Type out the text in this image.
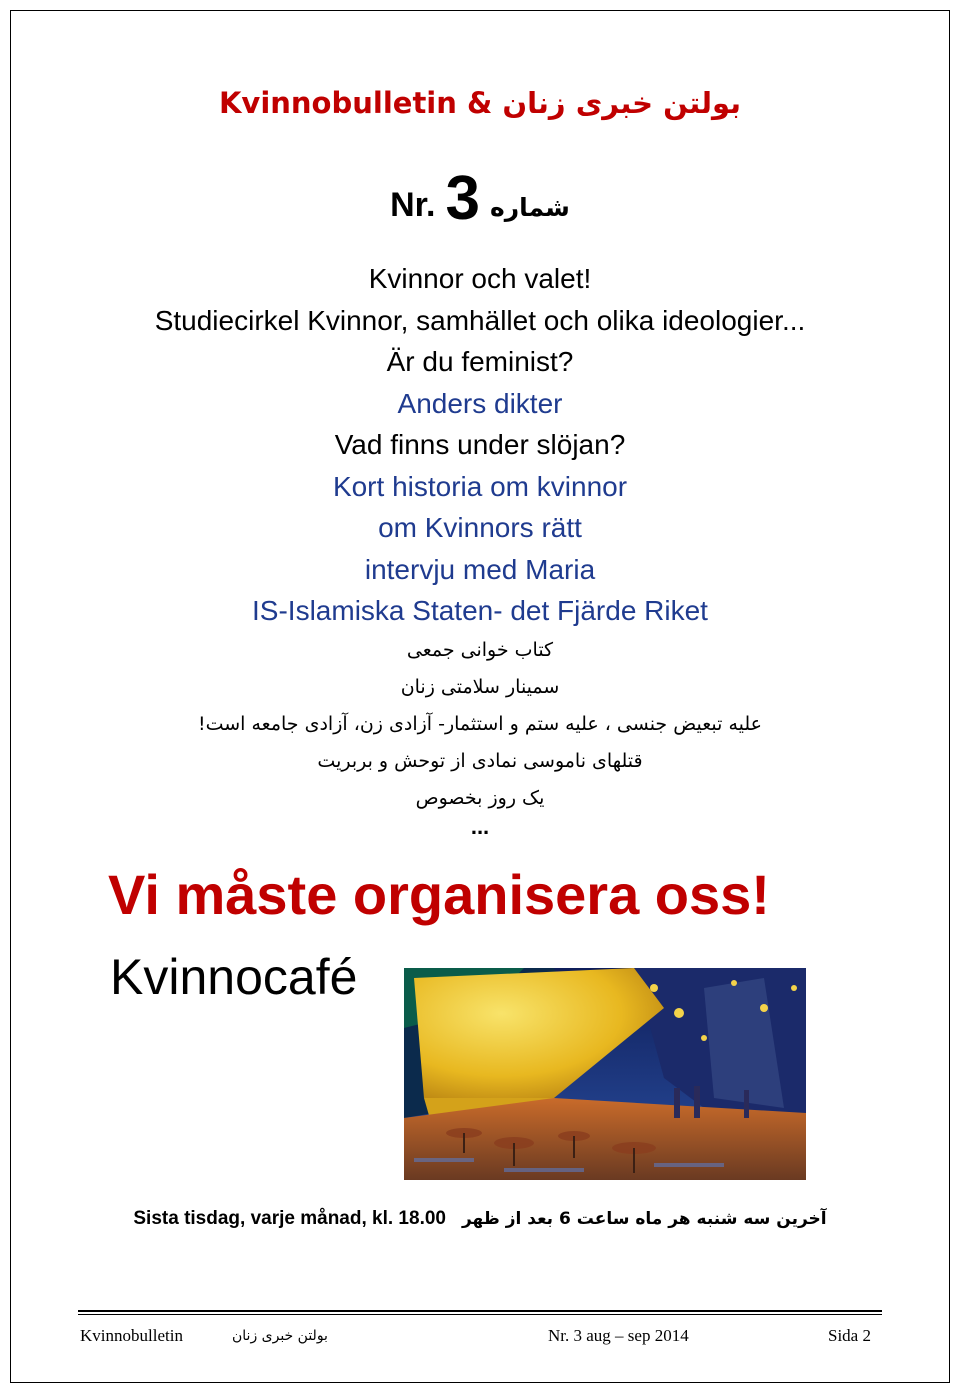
Kvinnobulletin & بولتن خبری زنان
Nr. 3 شماره
Kvinnor och valet!
Studiecirkel Kvinnor, samhället och olika ideologier...
Är du feminist?
Anders dikter
Vad finns under slöjan?
Kort historia om kvinnor
om Kvinnors rätt
intervju med Maria
IS-Islamiska Staten- det Fjärde Riket
کتاب خوانی جمعی
سمینار سلامتی زنان
علیه تبعیض جنسی ، علیه ستم و استثمار- آزادی زن، آزادی جامعه است!
قتلهای ناموسی نمادی از توحش و بربریت
یک روز بخصوص
...
Vi måste organisera oss!
Kvinnocafé
Sista tisdag, varje månad, kl. 18.00 آخرین سه شنبه هر ماه ساعت 6 بعد از ظهر
Kvinnobulletin	بولتن خبری زنان	Nr. 3 aug – sep 2014	Sida 2
